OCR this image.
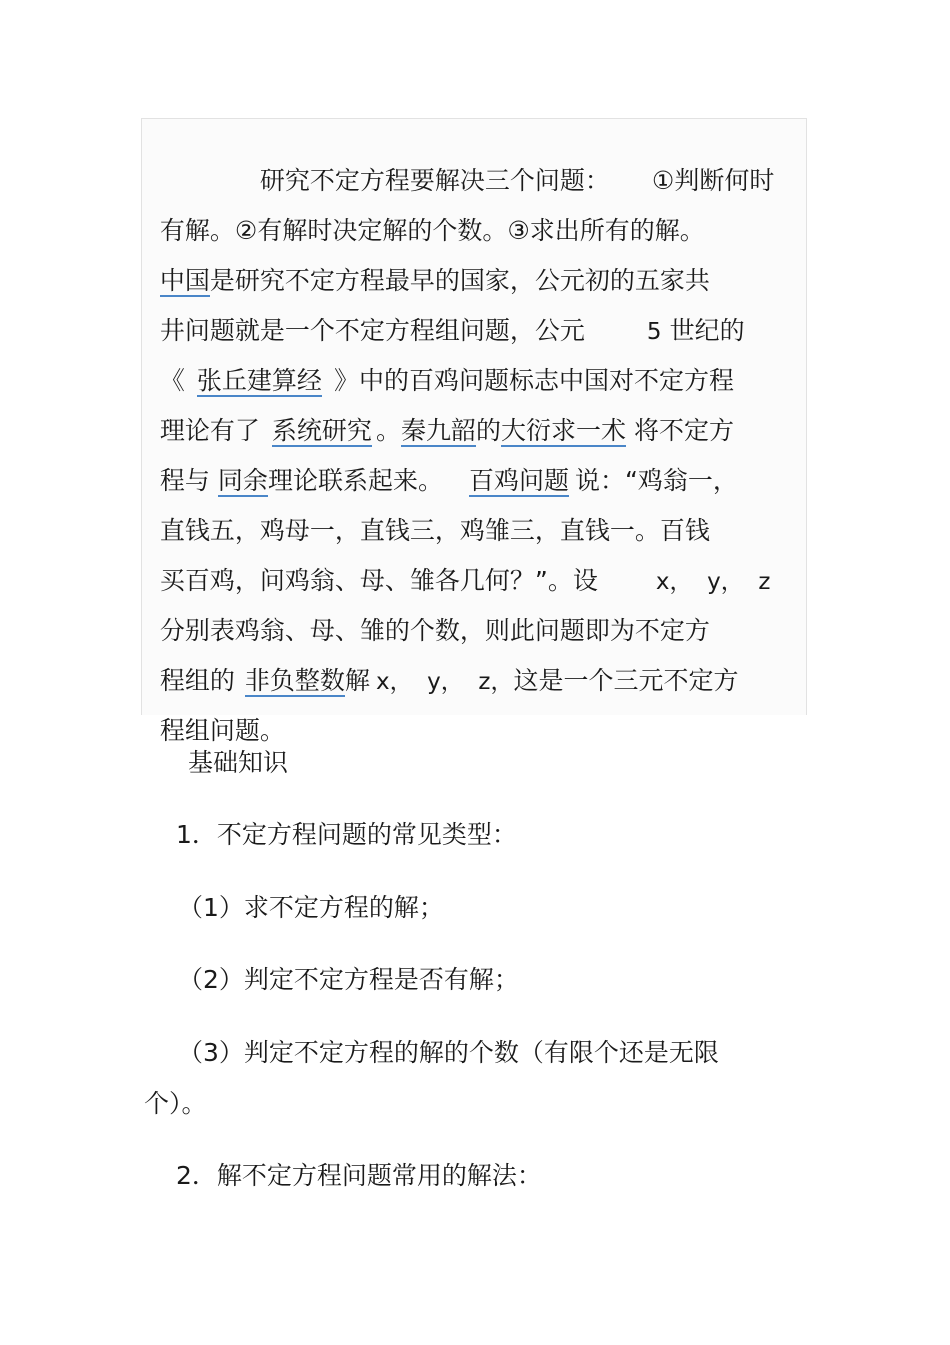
研究不定方程要解决三个问题： ①判断何时

有解。②有解时决定解的个数。③求出所有的解。

中国是研究不定方程最早的国家，公元初的五家共

井问题就是一个不定方程组问题，公元	5 世纪的

《 张丘建算经 》中的百鸡问题标志中国对不定方程

理论有了 系统研究 。秦九韶的大衍求一术 将不定方

程与 同余理论联系起来。 百鸡问题 说：“鸡翁一，

直钱五，鸡母一，直钱三，鸡雏三，直钱一。百钱

买百鸡，问鸡翁、母、雏各几何？”。设	x，  y，  z

分别表鸡翁、母、雏的个数，则此问题即为不定方

程组的 非负整数解 x，  y，  z，这是一个三元不定方

程组问题。

基础知识
1．不定方程问题的常见类型：
（1）求不定方程的解；
（2）判定不定方程是否有解；
（3）判定不定方程的解的个数（有限个还是无限
个）。
2．解不定方程问题常用的解法：
